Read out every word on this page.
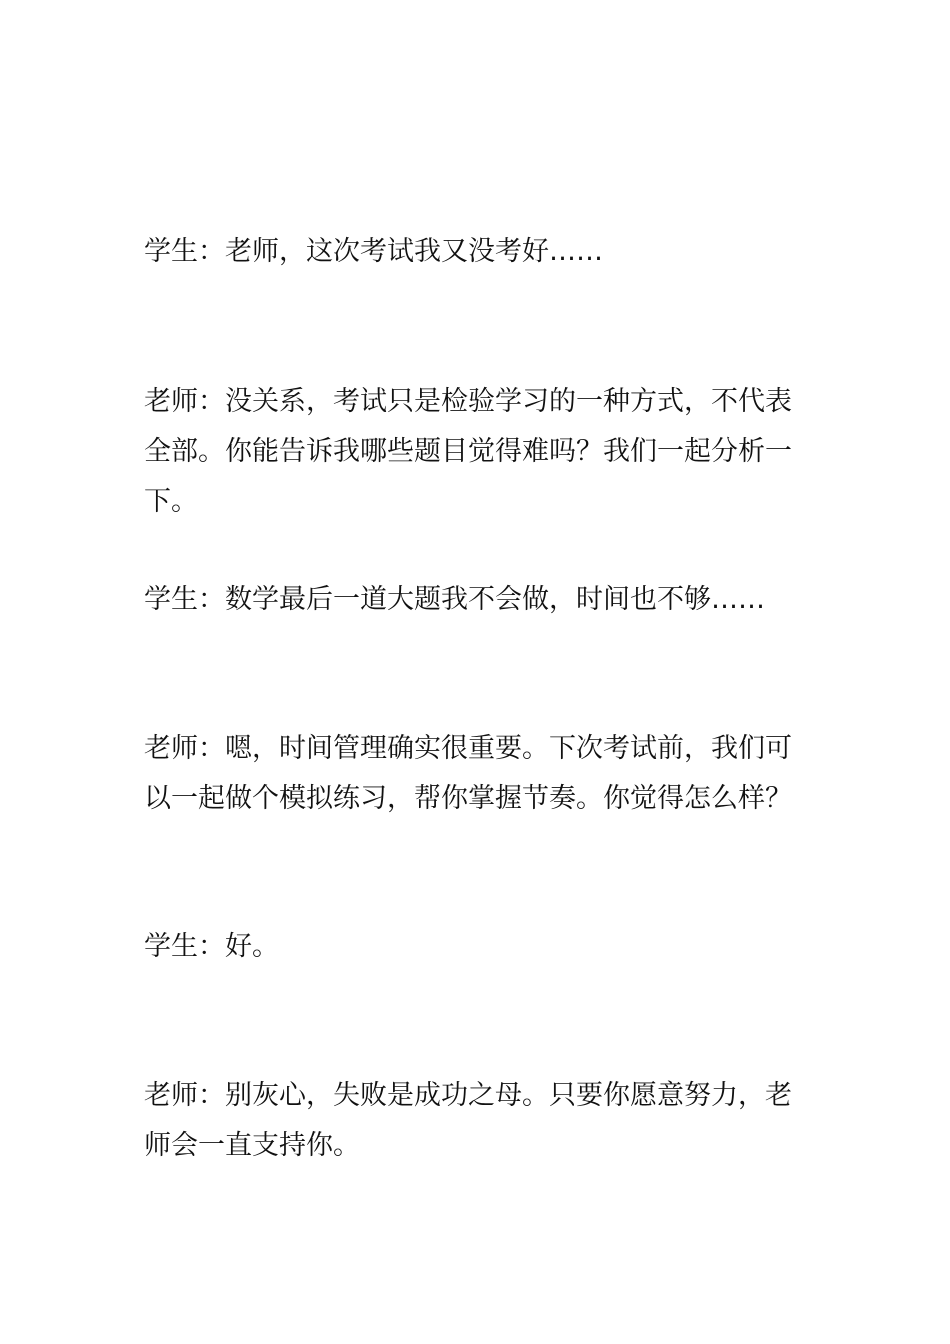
学生：老师，这次考试我又没考好……

老师：没关系，考试只是检验学习的一种方式，不代表全部。你能告诉我哪些题目觉得难吗？我们一起分析一下。

学生：数学最后一道大题我不会做，时间也不够……

老师：嗯，时间管理确实很重要。下次考试前，我们可以一起做个模拟练习，帮你掌握节奏。你觉得怎么样？

学生：好。

老师：别灰心，失败是成功之母。只要你愿意努力，老师会一直支持你。
